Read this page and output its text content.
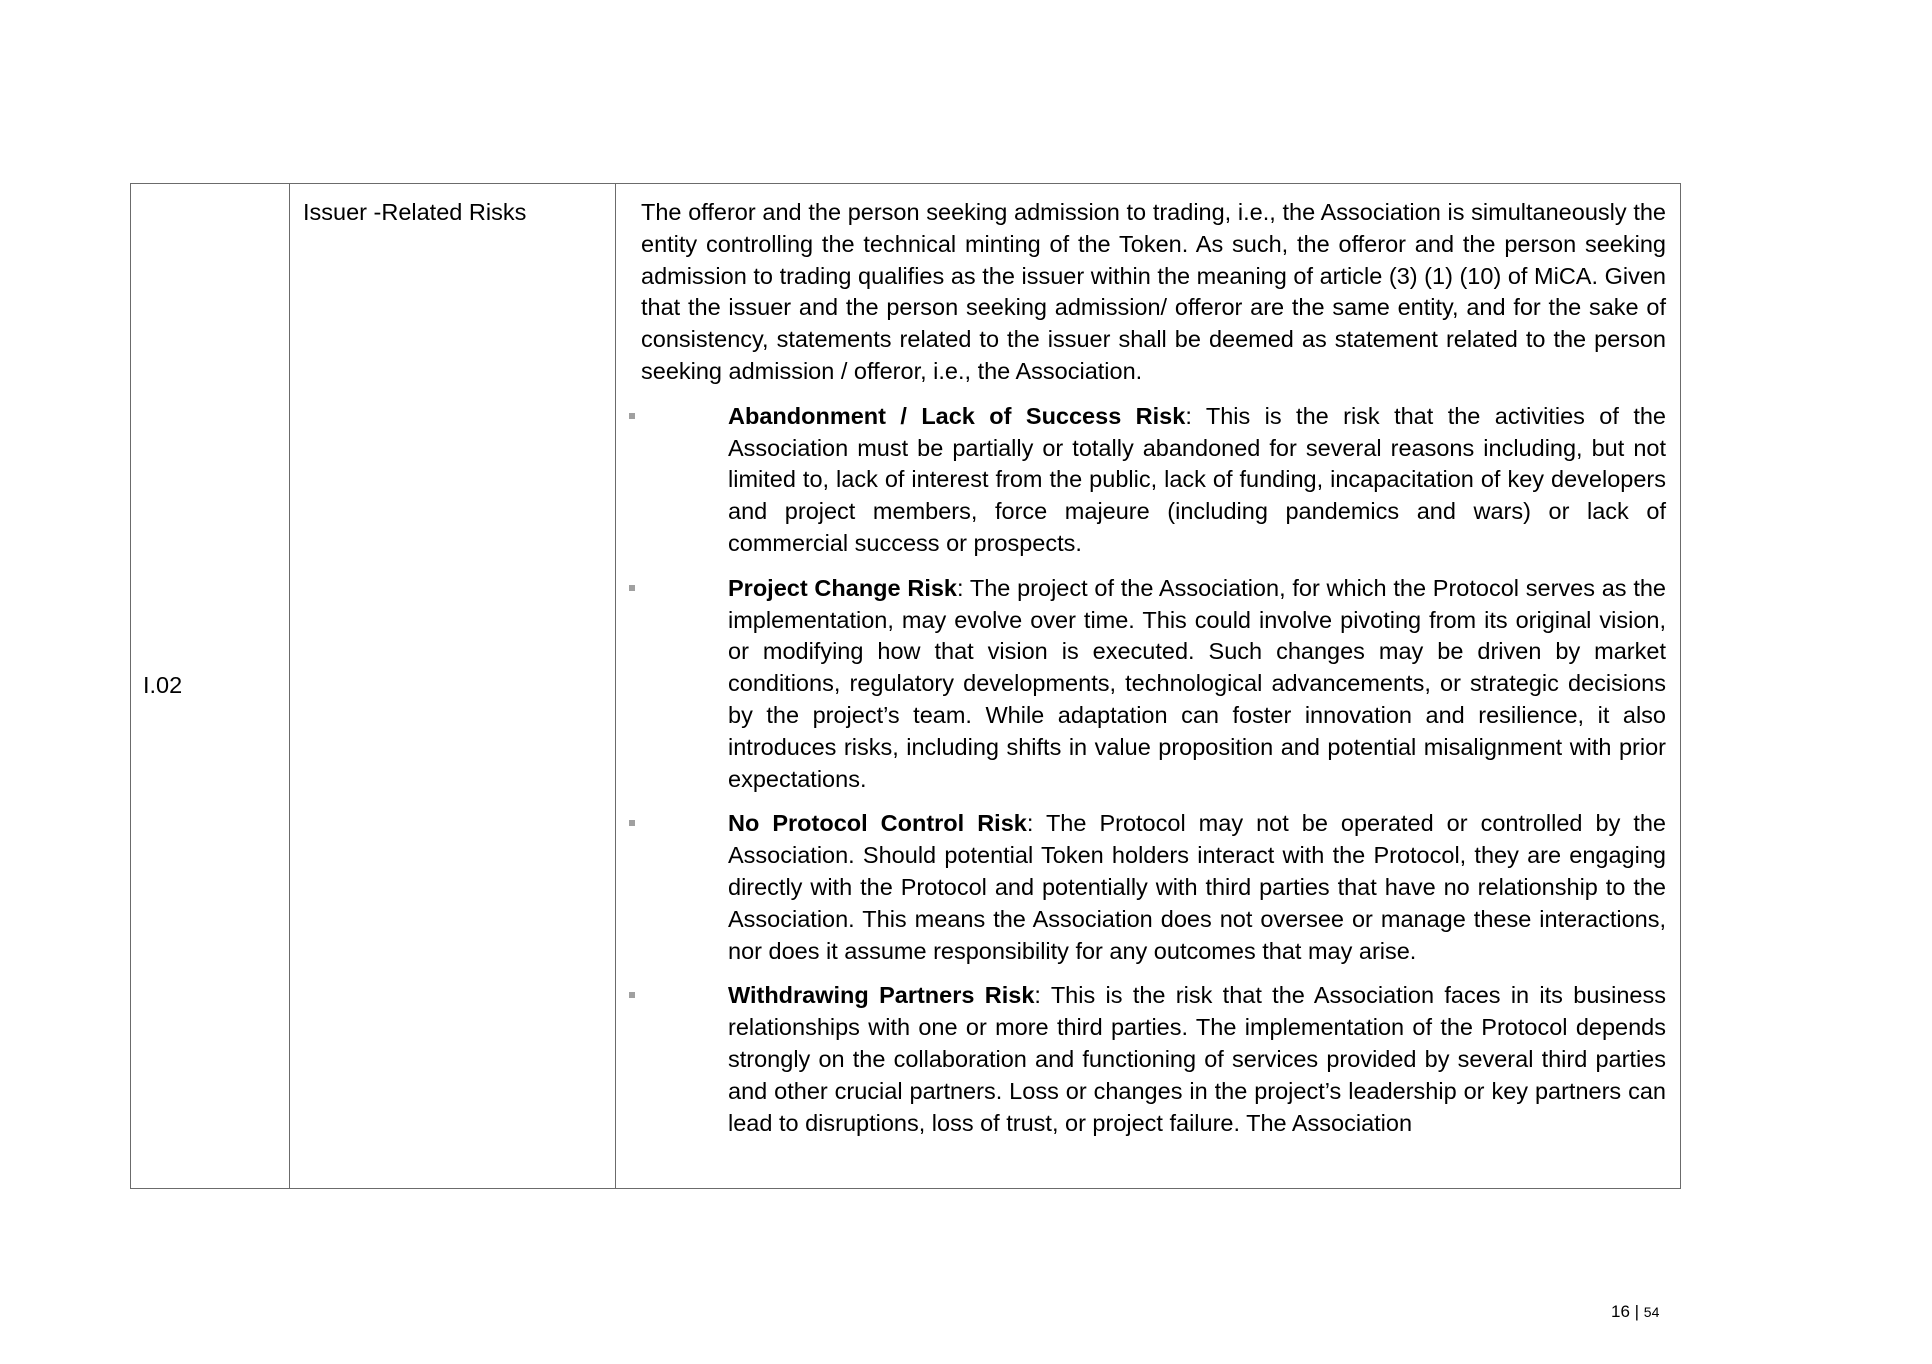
I.02	Issuer -Related Risks	The offeror and the person seeking admission to trading, i.e., the Association is simultaneously the entity controlling the technical minting of the Token. As such, the offeror and the person seeking admission to trading qualifies as the issuer within the meaning of article (3) (1) (10) of MiCA. Given that the issuer and the person seeking admission/ offeror are the same entity, and for the sake of consistency, statements related to the issuer shall be deemed as statement related to the person seeking admission / offeror, i.e., the Association.

Abandonment / Lack of Success Risk: This is the risk that the activities of the Association must be partially or totally abandoned for several reasons including, but not limited to, lack of interest from the public, lack of funding, incapacitation of key developers and project members, force majeure (including pandemics and wars) or lack of commercial success or prospects.
Project Change Risk: The project of the Association, for which the Protocol serves as the implementation, may evolve over time. This could involve pivoting from its original vision, or modifying how that vision is executed. Such changes may be driven by market conditions, regulatory developments, technological advancements, or strategic decisions by the project’s team. While adaptation can foster innovation and resilience, it also introduces risks, including shifts in value proposition and potential misalignment with prior expectations.
No Protocol Control Risk: The Protocol may not be operated or controlled by the Association. Should potential Token holders interact with the Protocol, they are engaging directly with the Protocol and potentially with third parties that have no relationship to the Association. This means the Association does not oversee or manage these interactions, nor does it assume responsibility for any outcomes that may arise.
Withdrawing Partners Risk: This is the risk that the Association faces in its business relationships with one or more third parties. The implementation of the Protocol depends strongly on the collaboration and functioning of services provided by several third parties and other crucial partners. Loss or changes in the project’s leadership or key partners can lead to disruptions, loss of trust, or project failure. The Association
16 | 54
